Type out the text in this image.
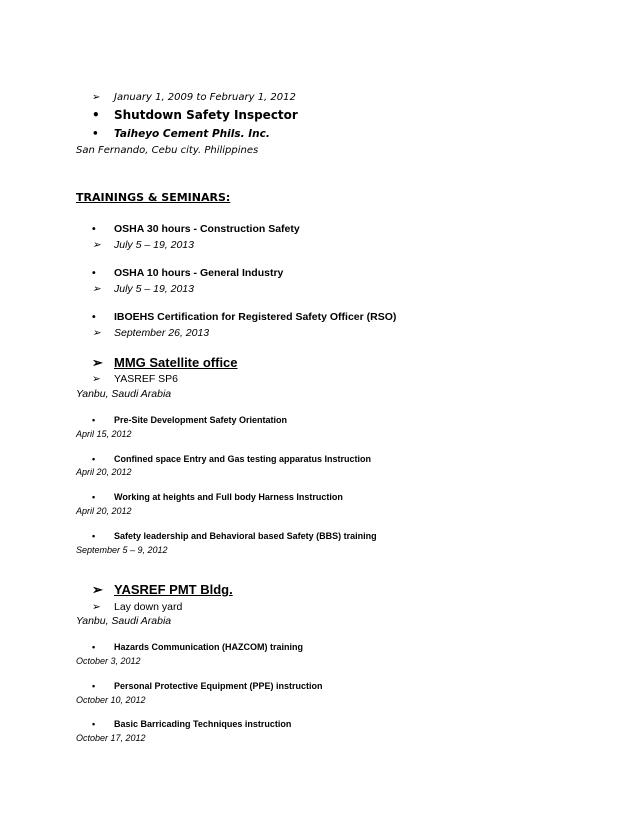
➢ January 1, 2009 to February 1, 2012
• Shutdown Safety Inspector
• Taiheyo Cement Phils. Inc.
San Fernando, Cebu city. Philippines
TRAININGS & SEMINARS:
• OSHA 30 hours - Construction Safety
➢ July 5 – 19, 2013
• OSHA 10 hours - General Industry
➢ July 5 – 19, 2013
• IBOEHS Certification for Registered Safety Officer (RSO)
➢ September 26, 2013
➢ MMG Satellite office
➢ YASREF SP6
Yanbu, Saudi Arabia
• Pre-Site Development Safety Orientation
April 15, 2012
• Confined space Entry and Gas testing apparatus Instruction
April 20, 2012
• Working at heights and Full body Harness Instruction
April 20, 2012
• Safety leadership and Behavioral based Safety (BBS) training
September 5 – 9, 2012
➢ YASREF PMT Bldg.
➢ Lay down yard
Yanbu, Saudi Arabia
• Hazards Communication (HAZCOM) training
October 3, 2012
• Personal Protective Equipment (PPE) instruction
October 10, 2012
• Basic Barricading Techniques instruction
October 17, 2012
